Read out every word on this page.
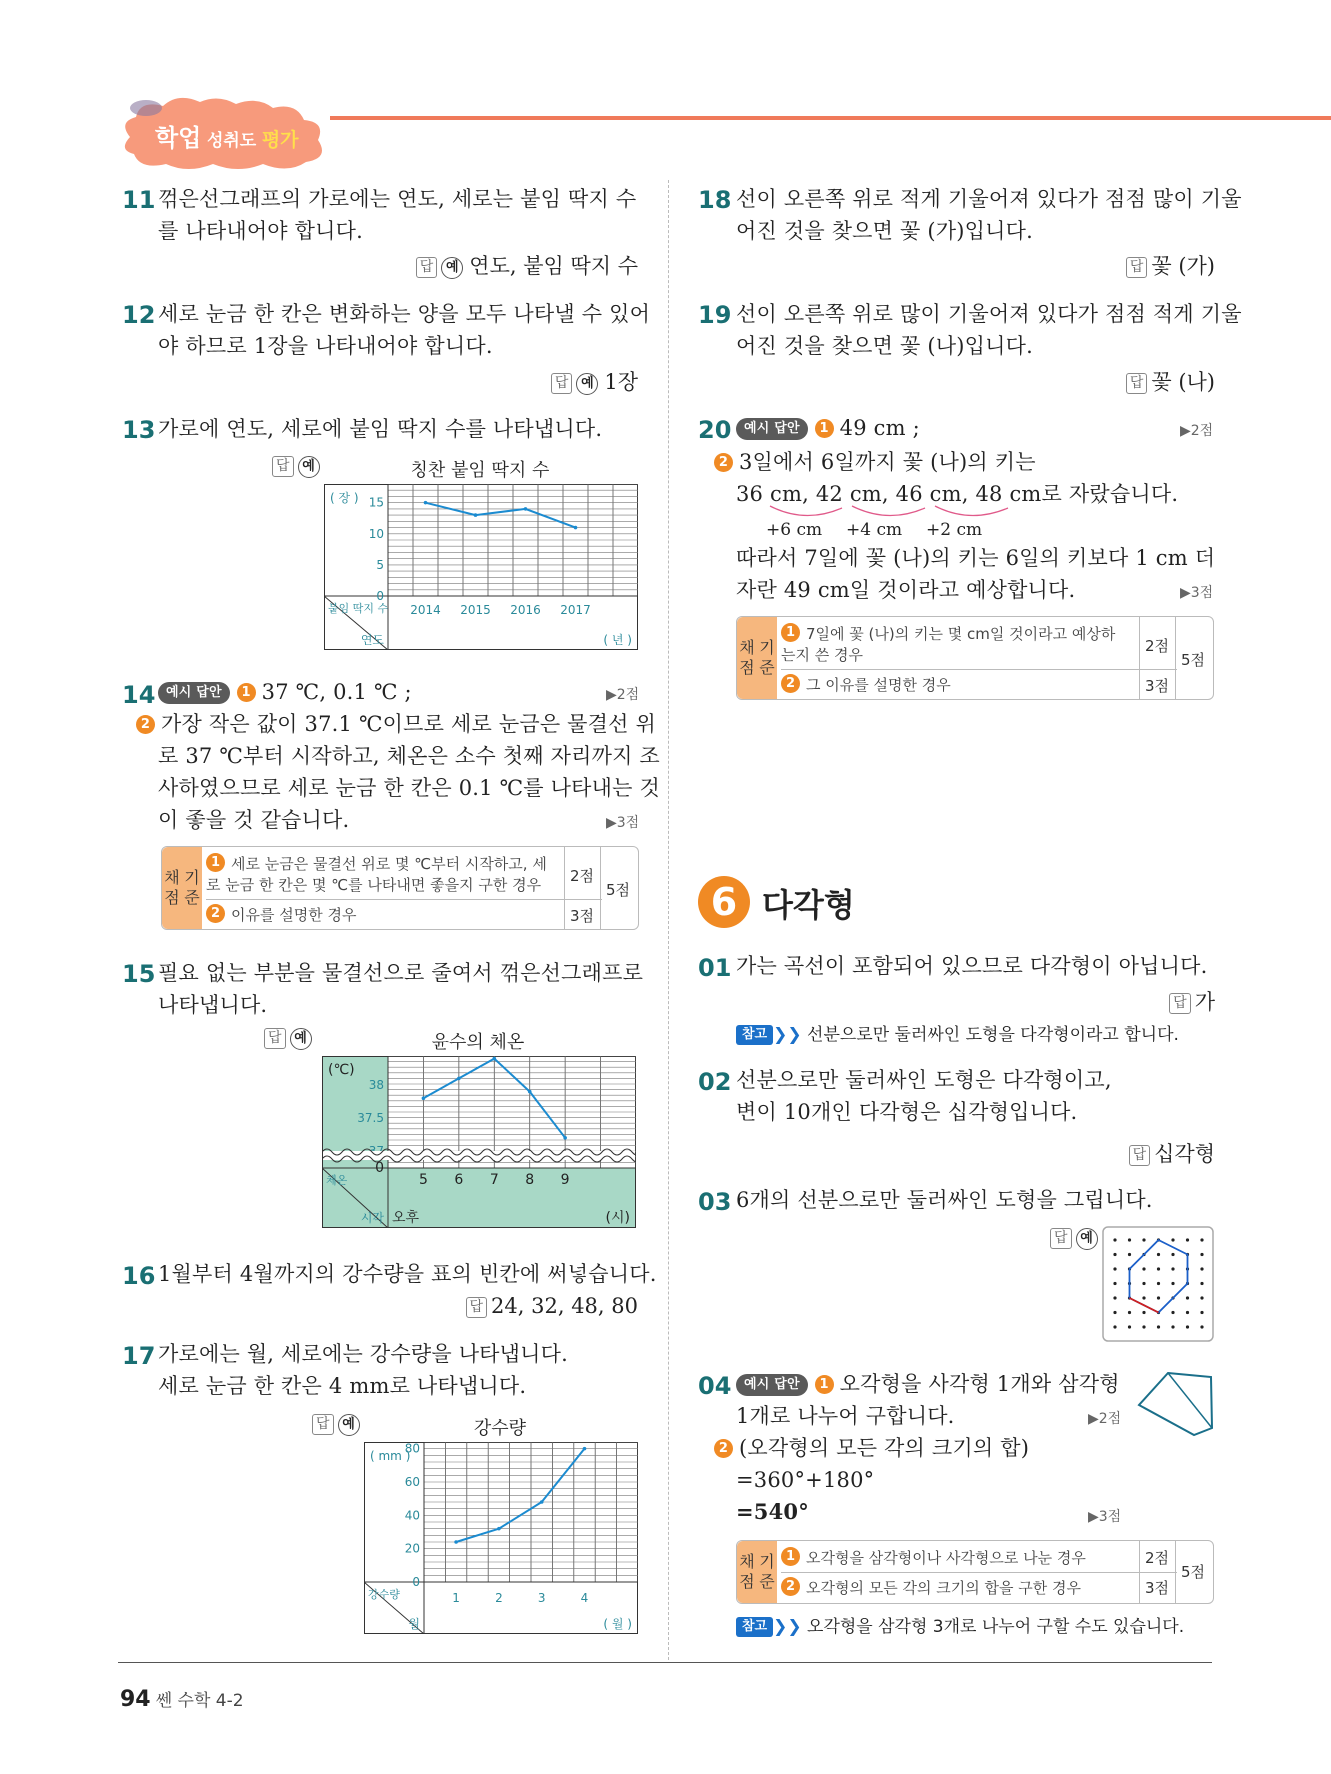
학업 성취도 평가
11 꺾은선그래프의 가로에는 연도, 세로는 붙임 딱지 수
를 나타내어야 합니다.
답 예 연도, 붙임 딱지 수
12 세로 눈금 한 칸은 변화하는 양을 모두 나타낼 수 있어
야 하므로 1장을 나타내어야 합니다.
답 예 1장
13 가로에 연도, 세로에 붙임 딱지 수를 나타냅니다.
답 예	칭찬 붙임 딱지 수
붙임 딱지 수
연도
( 장 )
( 년 )
0
5
10
15
2014 2015 2016 2017
14 예시 답안 1 37 ℃, 0.1 ℃ ;	▶2점
2 가장 작은 값이 37.1 ℃이므로 세로 눈금은 물결선 위
로 37 ℃부터 시작하고, 체온은 소수 첫째 자리까지 조
사하였으므로 세로 눈금 한 칸은 0.1 ℃를 나타내는 것
이 좋을 것 같습니다.	▶3점
채점

기준
1 세로 눈금은 물결선 위로 몇 ℃부터 시작하고, 세
로 눈금 한 칸은 몇 ℃를 나타내면 좋을지 구한 경우 2점
2 이유를 설명한 경우	3점
5점
15 필요 없는 부분을 물결선으로 줄여서 꺾은선그래프로
나타냅니다.
답 예	윤수의 체온
체온
시각
(℃)
(시)
오후
37.5
38
0
5 6 7 8 9
16 1월부터 4월까지의 강수량을 표의 빈칸에 써넣습니다.
답 24, 32, 48, 80
17 가로에는 월, 세로에는 강수량을 나타냅니다.
세로 눈금 한 칸은 4 mm로 나타냅니다.
답 예	강수량
강수량
월
( mm )
( 월 )
0
20
40
60
80
1	2	3	4
18 선이 오른쪽 위로 적게 기울어져 있다가 점점 많이 기울
어진 것을 찾으면 꽃 (가)입니다.
답 꽃 (가)
19 선이 오른쪽 위로 많이 기울어져 있다가 점점 적게 기울
어진 것을 찾으면 꽃 (나)입니다.
답 꽃 (나)
20 예시 답안 1 49 cm ;	▶2점
2 3일에서 6일까지 꽃 (나)의 키는
36 cm, 42 cm, 46 cm, 48 cm로 자랐습니다.
+6 cm +4 cm +2 cm
따라서 7일에 꽃 (나)의 키는 6일의 키보다 1 cm 더
자란 49 cm일 것이라고 예상합니다.	▶3점
채점

기준
1 7일에 꽃 (나)의 키는 몇 cm일 것이라고 예상하
는지 쓴 경우	2점
2 그 이유를 설명한 경우	3점
5점
6 다각형
01 가는 곡선이 포함되어 있으므로 다각형이 아닙니다.
답 가
참고 ❯❯ 선분으로만 둘러싸인 도형을 다각형이라고 합니다.
02 선분으로만 둘러싸인 도형은 다각형이고,
변이 10개인 다각형은 십각형입니다.
답 십각형
03 6개의 선분으로만 둘러싸인 도형을 그립니다.
답 예
04 예시 답안 1 오각형을 사각형 1개와 삼각형
1개로 나누어 구합니다.	▶2점
2 (오각형의 모든 각의 크기의 합)
=360°+180°
=540°	▶3점
채점

기준
1 오각형을 삼각형이나 사각형으로 나눈 경우	2점
2 오각형의 모든 각의 크기의 합을 구한 경우	3점
5점
참고 ❯❯ 오각형을 삼각형 3개로 나누어 구할 수도 있습니다.
94 쎈 수학 4-2
